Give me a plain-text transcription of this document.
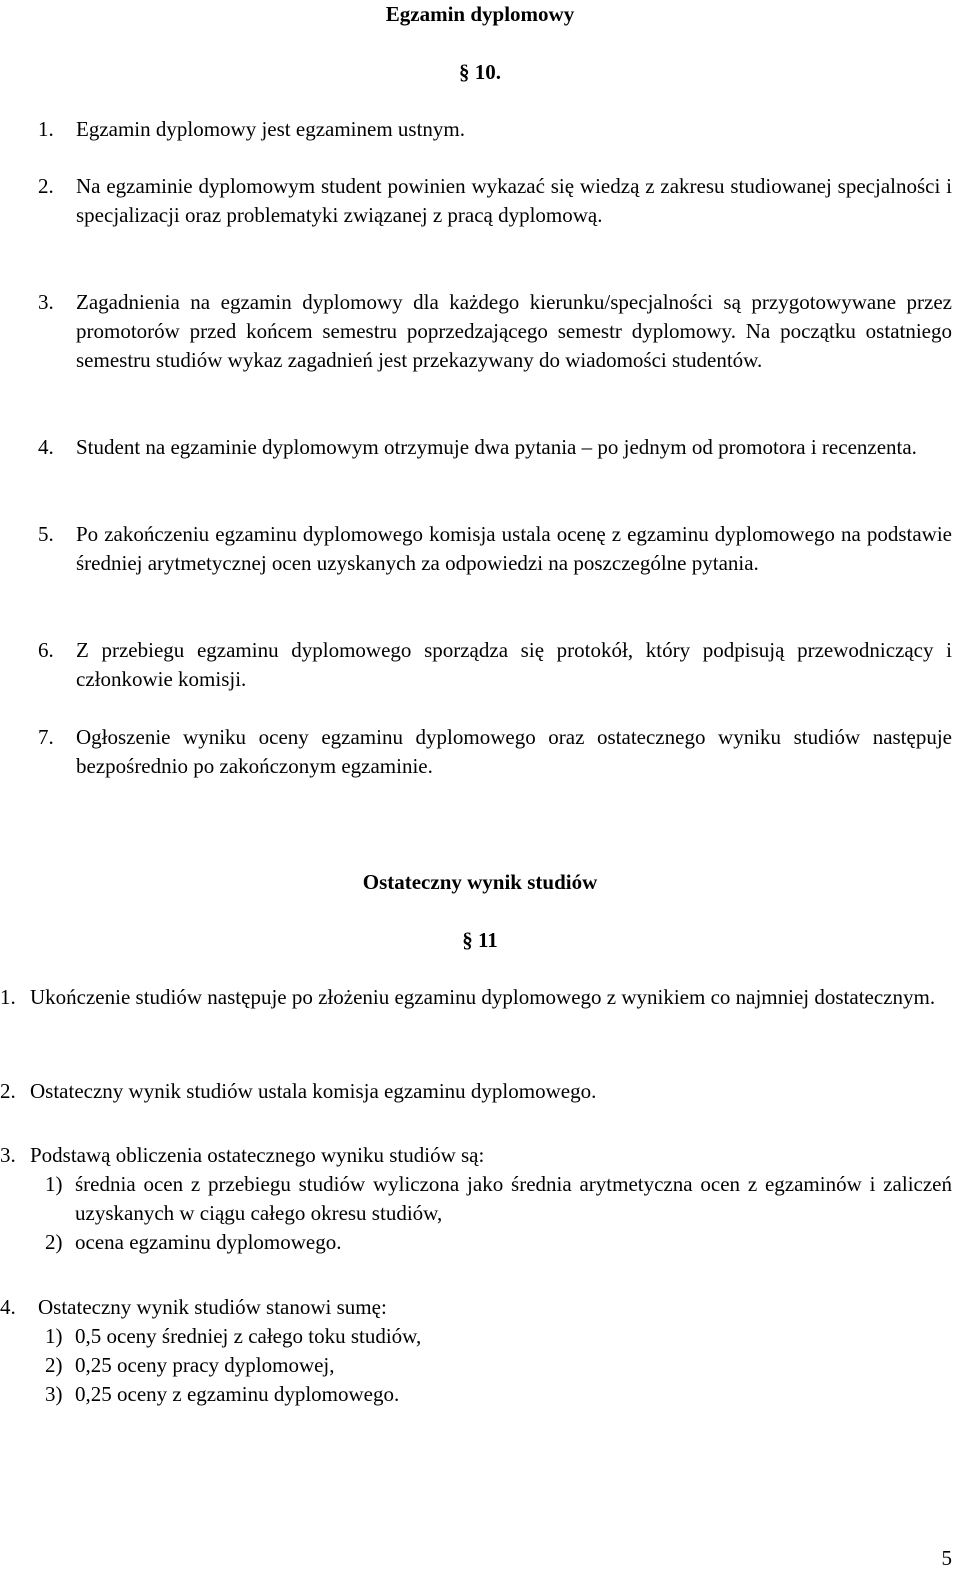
Egzamin dyplomowy
§ 10.
1. Egzamin dyplomowy jest egzaminem ustnym.
2. Na egzaminie dyplomowym student powinien wykazać się wiedzą z zakresu studiowanej specjalności i specjalizacji oraz problematyki związanej z pracą dyplomową.
3. Zagadnienia na egzamin dyplomowy dla każdego kierunku/specjalności są przygotowywane przez promotorów przed końcem semestru poprzedzającego semestr dyplomowy. Na początku ostatniego semestru studiów wykaz zagadnień jest przekazywany do wiadomości studentów.
4. Student na egzaminie dyplomowym otrzymuje dwa pytania – po jednym od promotora i recenzenta.
5. Po zakończeniu egzaminu dyplomowego komisja ustala ocenę z egzaminu dyplomowego na podstawie średniej arytmetycznej ocen uzyskanych za odpowiedzi na poszczególne pytania.
6. Z przebiegu egzaminu dyplomowego sporządza się protokół, który podpisują przewodniczący i członkowie komisji.
7. Ogłoszenie wyniku oceny egzaminu dyplomowego oraz ostatecznego wyniku studiów następuje bezpośrednio po zakończonym egzaminie.
Ostateczny wynik studiów
§ 11
1. Ukończenie studiów następuje po złożeniu egzaminu dyplomowego z wynikiem co najmniej dostatecznym.
2. Ostateczny wynik studiów ustala komisja egzaminu dyplomowego.
3. Podstawą obliczenia ostatecznego wyniku studiów są:
1) średnia ocen z przebiegu studiów wyliczona jako średnia arytmetyczna ocen z egzaminów i zaliczeń uzyskanych w ciągu całego okresu studiów,
2) ocena egzaminu dyplomowego.
4. Ostateczny wynik studiów stanowi sumę:
1) 0,5 oceny średniej z całego toku studiów,
2) 0,25 oceny pracy dyplomowej,
3) 0,25 oceny z egzaminu dyplomowego.
5
